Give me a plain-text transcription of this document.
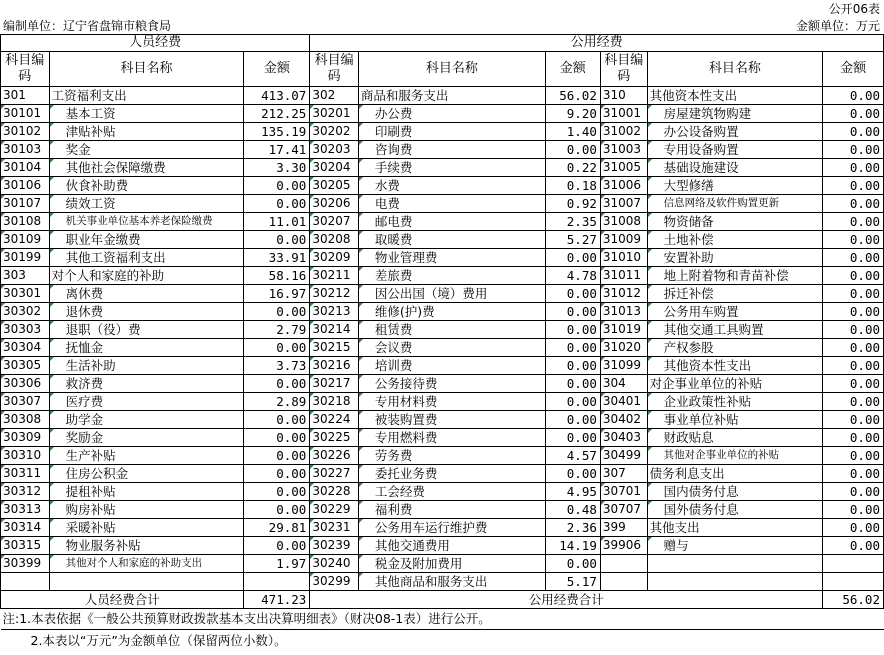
公开06表
编制单位：辽宁省盘锦市粮食局	金额单位：万元
人员经费			公用经费					
科目编码	科目名称	金额	科目编码	科目名称	金额	科目编码	科目名称	金额
301	工资福利支出	413.07	302	商品和服务支出	56.02	310	其他资本性支出	0.00
30101	基本工资	212.25	30201	办公费	9.20	31001	房屋建筑物购建	0.00
30102	津贴补贴	135.19	30202	印刷费	1.40	31002	办公设备购置	0.00
30103	奖金	17.41	30203	咨询费	0.00	31003	专用设备购置	0.00
30104	其他社会保障缴费	3.30	30204	手续费	0.22	31005	基础设施建设	0.00
30106	伙食补助费	0.00	30205	水费	0.18	31006	大型修缮	0.00
30107	绩效工资	0.00	30206	电费	0.92	31007	信息网络及软件购置更新	0.00
30108	机关事业单位基本养老保险缴费	11.01	30207	邮电费	2.35	31008	物资储备	0.00
30109	职业年金缴费	0.00	30208	取暖费	5.27	31009	土地补偿	0.00
30199	其他工资福利支出	33.91	30209	物业管理费	0.00	31010	安置补助	0.00
303	对个人和家庭的补助	58.16	30211	差旅费	4.78	31011	地上附着物和青苗补偿	0.00
30301	离休费	16.97	30212	因公出国（境）费用	0.00	31012	拆迁补偿	0.00
30302	退休费	0.00	30213	维修(护)费	0.00	31013	公务用车购置	0.00
30303	退职（役）费	2.79	30214	租赁费	0.00	31019	其他交通工具购置	0.00
30304	抚恤金	0.00	30215	会议费	0.00	31020	产权参股	0.00
30305	生活补助	3.73	30216	培训费	0.00	31099	其他资本性支出	0.00
30306	救济费	0.00	30217	公务接待费	0.00	304	对企事业单位的补贴	0.00
30307	医疗费	2.89	30218	专用材料费	0.00	30401	企业政策性补贴	0.00
30308	助学金	0.00	30224	被装购置费	0.00	30402	事业单位补贴	0.00
30309	奖励金	0.00	30225	专用燃料费	0.00	30403	财政贴息	0.00
30310	生产补贴	0.00	30226	劳务费	4.57	30499	其他对企事业单位的补贴	0.00
30311	住房公积金	0.00	30227	委托业务费	0.00	307	债务利息支出	0.00
30312	提租补贴	0.00	30228	工会经费	4.95	30701	国内债务付息	0.00
30313	购房补贴	0.00	30229	福利费	0.48	30707	国外债务付息	0.00
30314	采暖补贴	29.81	30231	公务用车运行维护费	2.36	399	其他支出	0.00
30315	物业服务补贴	0.00	30239	其他交通费用	14.19	39906	赠与	0.00
30399	其他对个人和家庭的补助支出	1.97	30240	税金及附加费用	0.00			
			30299	其他商品和服务支出	5.17			
人员经费合计		471.23	公用经费合计					56.02
注:1.本表依据《一般公共预算财政拨款基本支出决算明细表》（财决08-1表）进行公开。								
2.本表以“万元”为金额单位（保留两位小数）。								
